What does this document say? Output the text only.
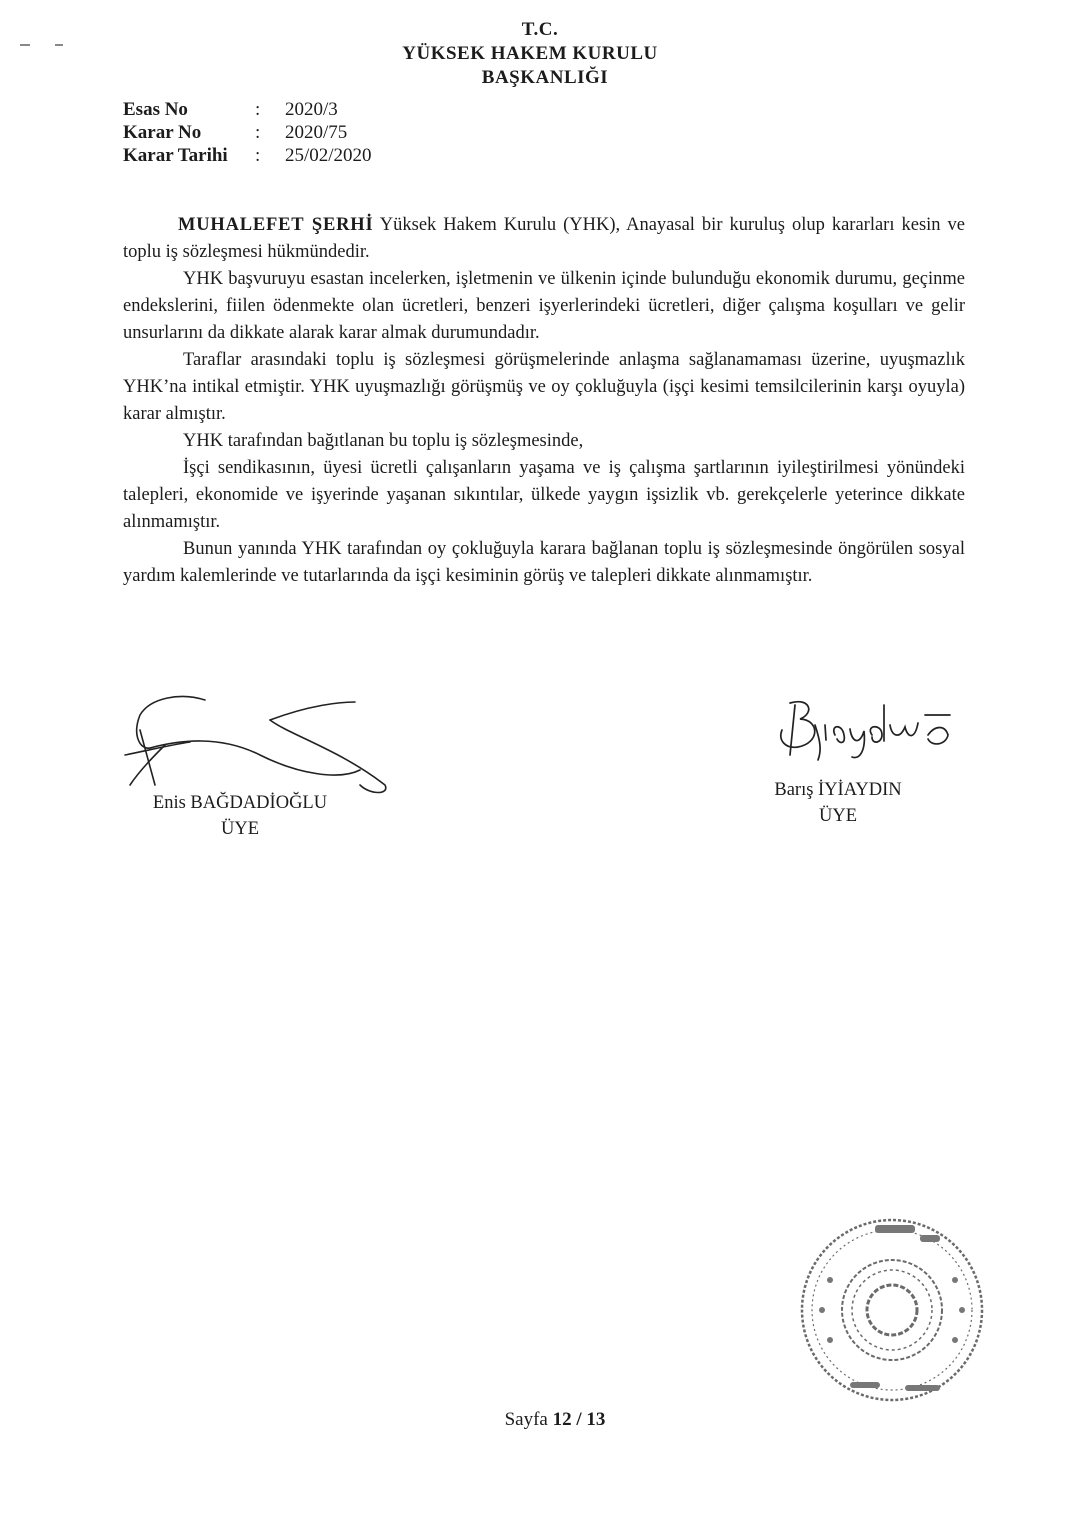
T.C.
YÜKSEK HAKEM KURULU
BAŞKANLIĞI
Esas No	:	2020/3
Karar No	:	2020/75
Karar Tarihi	:	25/02/2020

MUHALEFET ŞERHİ Yüksek Hakem Kurulu (YHK), Anayasal bir kuruluş olup kararları kesin ve toplu iş sözleşmesi hükmündedir.

YHK başvuruyu esastan incelerken, işletmenin ve ülkenin içinde bulunduğu ekonomik durumu, geçinme endekslerini, fiilen ödenmekte olan ücretleri, benzeri işyerlerindeki ücretleri, diğer çalışma koşulları ve gelir unsurlarını da dikkate alarak karar almak durumundadır.

Taraflar arasındaki toplu iş sözleşmesi görüşmelerinde anlaşma sağlanamaması üzerine, uyuşmazlık YHK’na intikal etmiştir. YHK uyuşmazlığı görüşmüş ve oy çokluğuyla (işçi kesimi temsilcilerinin karşı oyuyla) karar almıştır.

YHK tarafından bağıtlanan bu toplu iş sözleşmesinde,

İşçi sendikasının, üyesi ücretli çalışanların yaşama ve iş çalışma şartlarının iyileştirilmesi yönündeki talepleri, ekonomide ve işyerinde yaşanan sıkıntılar, ülkede yaygın işsizlik vb. gerekçelerle yeterince dikkate alınmamıştır.

Bunun yanında YHK tarafından oy çokluğuyla karara bağlanan toplu iş sözleşmesinde öngörülen sosyal yardım kalemlerinde ve tutarlarında da işçi kesiminin görüş ve talepleri dikkate alınmamıştır.

Enis BAĞDADİOĞLU
ÜYE
Barış İYİAYDIN
ÜYE
Sayfa 12 / 13
